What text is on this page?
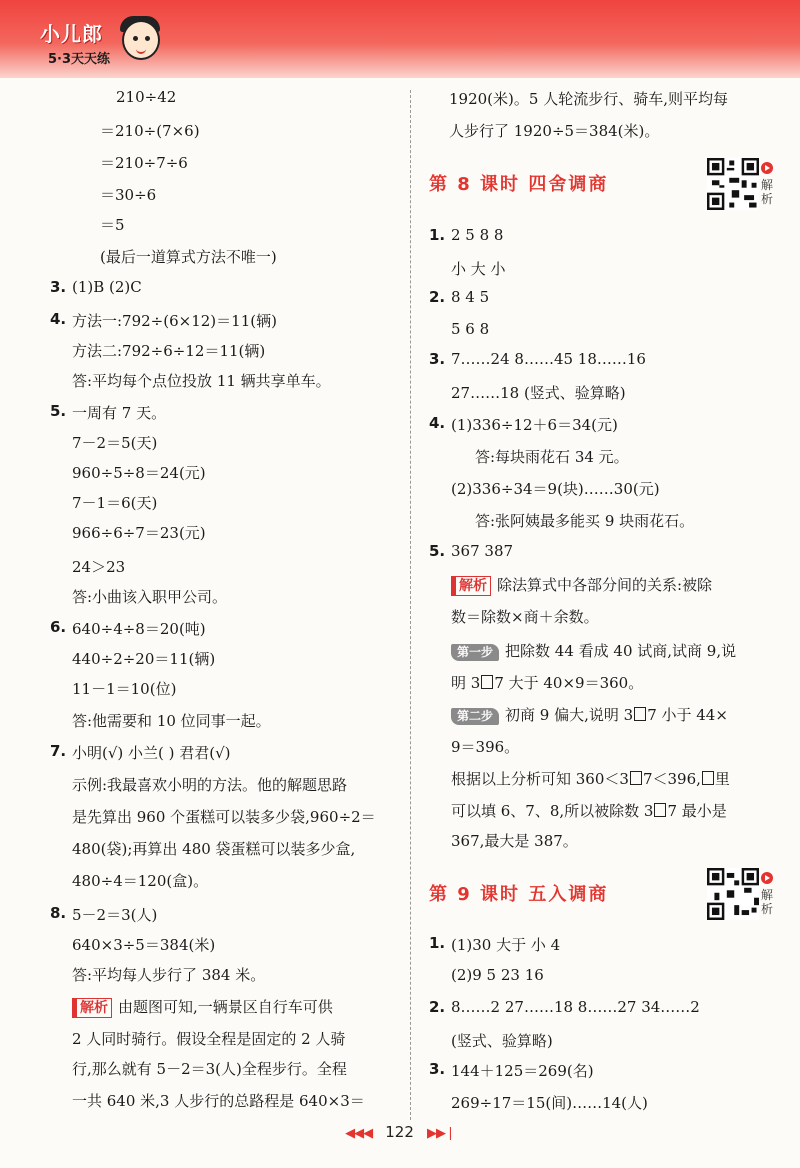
小儿郎
5·3天天练
210÷42
＝210÷(7×6)
＝210÷7÷6
＝30÷6
＝5
(最后一道算式方法不唯一)
3. (1)B (2)C
4. 方法一:792÷(6×12)＝11(辆)
方法二:792÷6÷12＝11(辆)
答:平均每个点位投放 11 辆共享单车。
5. 一周有 7 天。
7－2＝5(天)
960÷5÷8＝24(元)
7－1＝6(天)
966÷6÷7＝23(元)
24＞23
答:小曲该入职甲公司。
6. 640÷4÷8＝20(吨)
440÷2÷20＝11(辆)
11－1＝10(位)
答:他需要和 10 位同事一起。
7. 小明(√) 小兰( ) 君君(√)
示例:我最喜欢小明的方法。他的解题思路
是先算出 960 个蛋糕可以装多少袋,960÷2＝
480(袋);再算出 480 袋蛋糕可以装多少盒,
480÷4＝120(盒)。
8. 5－2＝3(人)
640×3÷5＝384(米)
答:平均每人步行了 384 米。
解析 由题图可知,一辆景区自行车可供
2 人同时骑行。假设全程是固定的 2 人骑
行,那么就有 5－2＝3(人)全程步行。全程
一共 640 米,3 人步行的总路程是 640×3＝
1920(米)。5 人轮流步行、骑车,则平均每
人步行了 1920÷5＝384(米)。
第 8 课时 四舍调商	解析
1. 2 5 8 8
小 大 小
2. 8 4 5
5 6 8
3. 7……24 8……45 18……16
27……18 (竖式、验算略)
4. (1)336÷12＋6＝34(元)
答:每块雨花石 34 元。
(2)336÷34＝9(块)……30(元)
答:张阿姨最多能买 9 块雨花石。
5. 367 387
解析 除法算式中各部分间的关系:被除
数＝除数×商＋余数。
第一步 把除数 44 看成 40 试商,试商 9,说
明 3 7 大于 40×9＝360。
第二步 初商 9 偏大,说明 3 7 小于 44×
9＝396。
根据以上分析可知 360＜3 7＜396, 里
可以填 6、7、8,所以被除数 3 7 最小是
367,最大是 387。
第 9 课时 五入调商	解析
1. (1)30 大于 小 4
(2)9 5 23 16
2. 8……2 27……18 8……27 34……2
(竖式、验算略)
3. 144＋125＝269(名)
269÷17＝15(间)……14(人)
◀◀◀ 122 ▶▶❘
